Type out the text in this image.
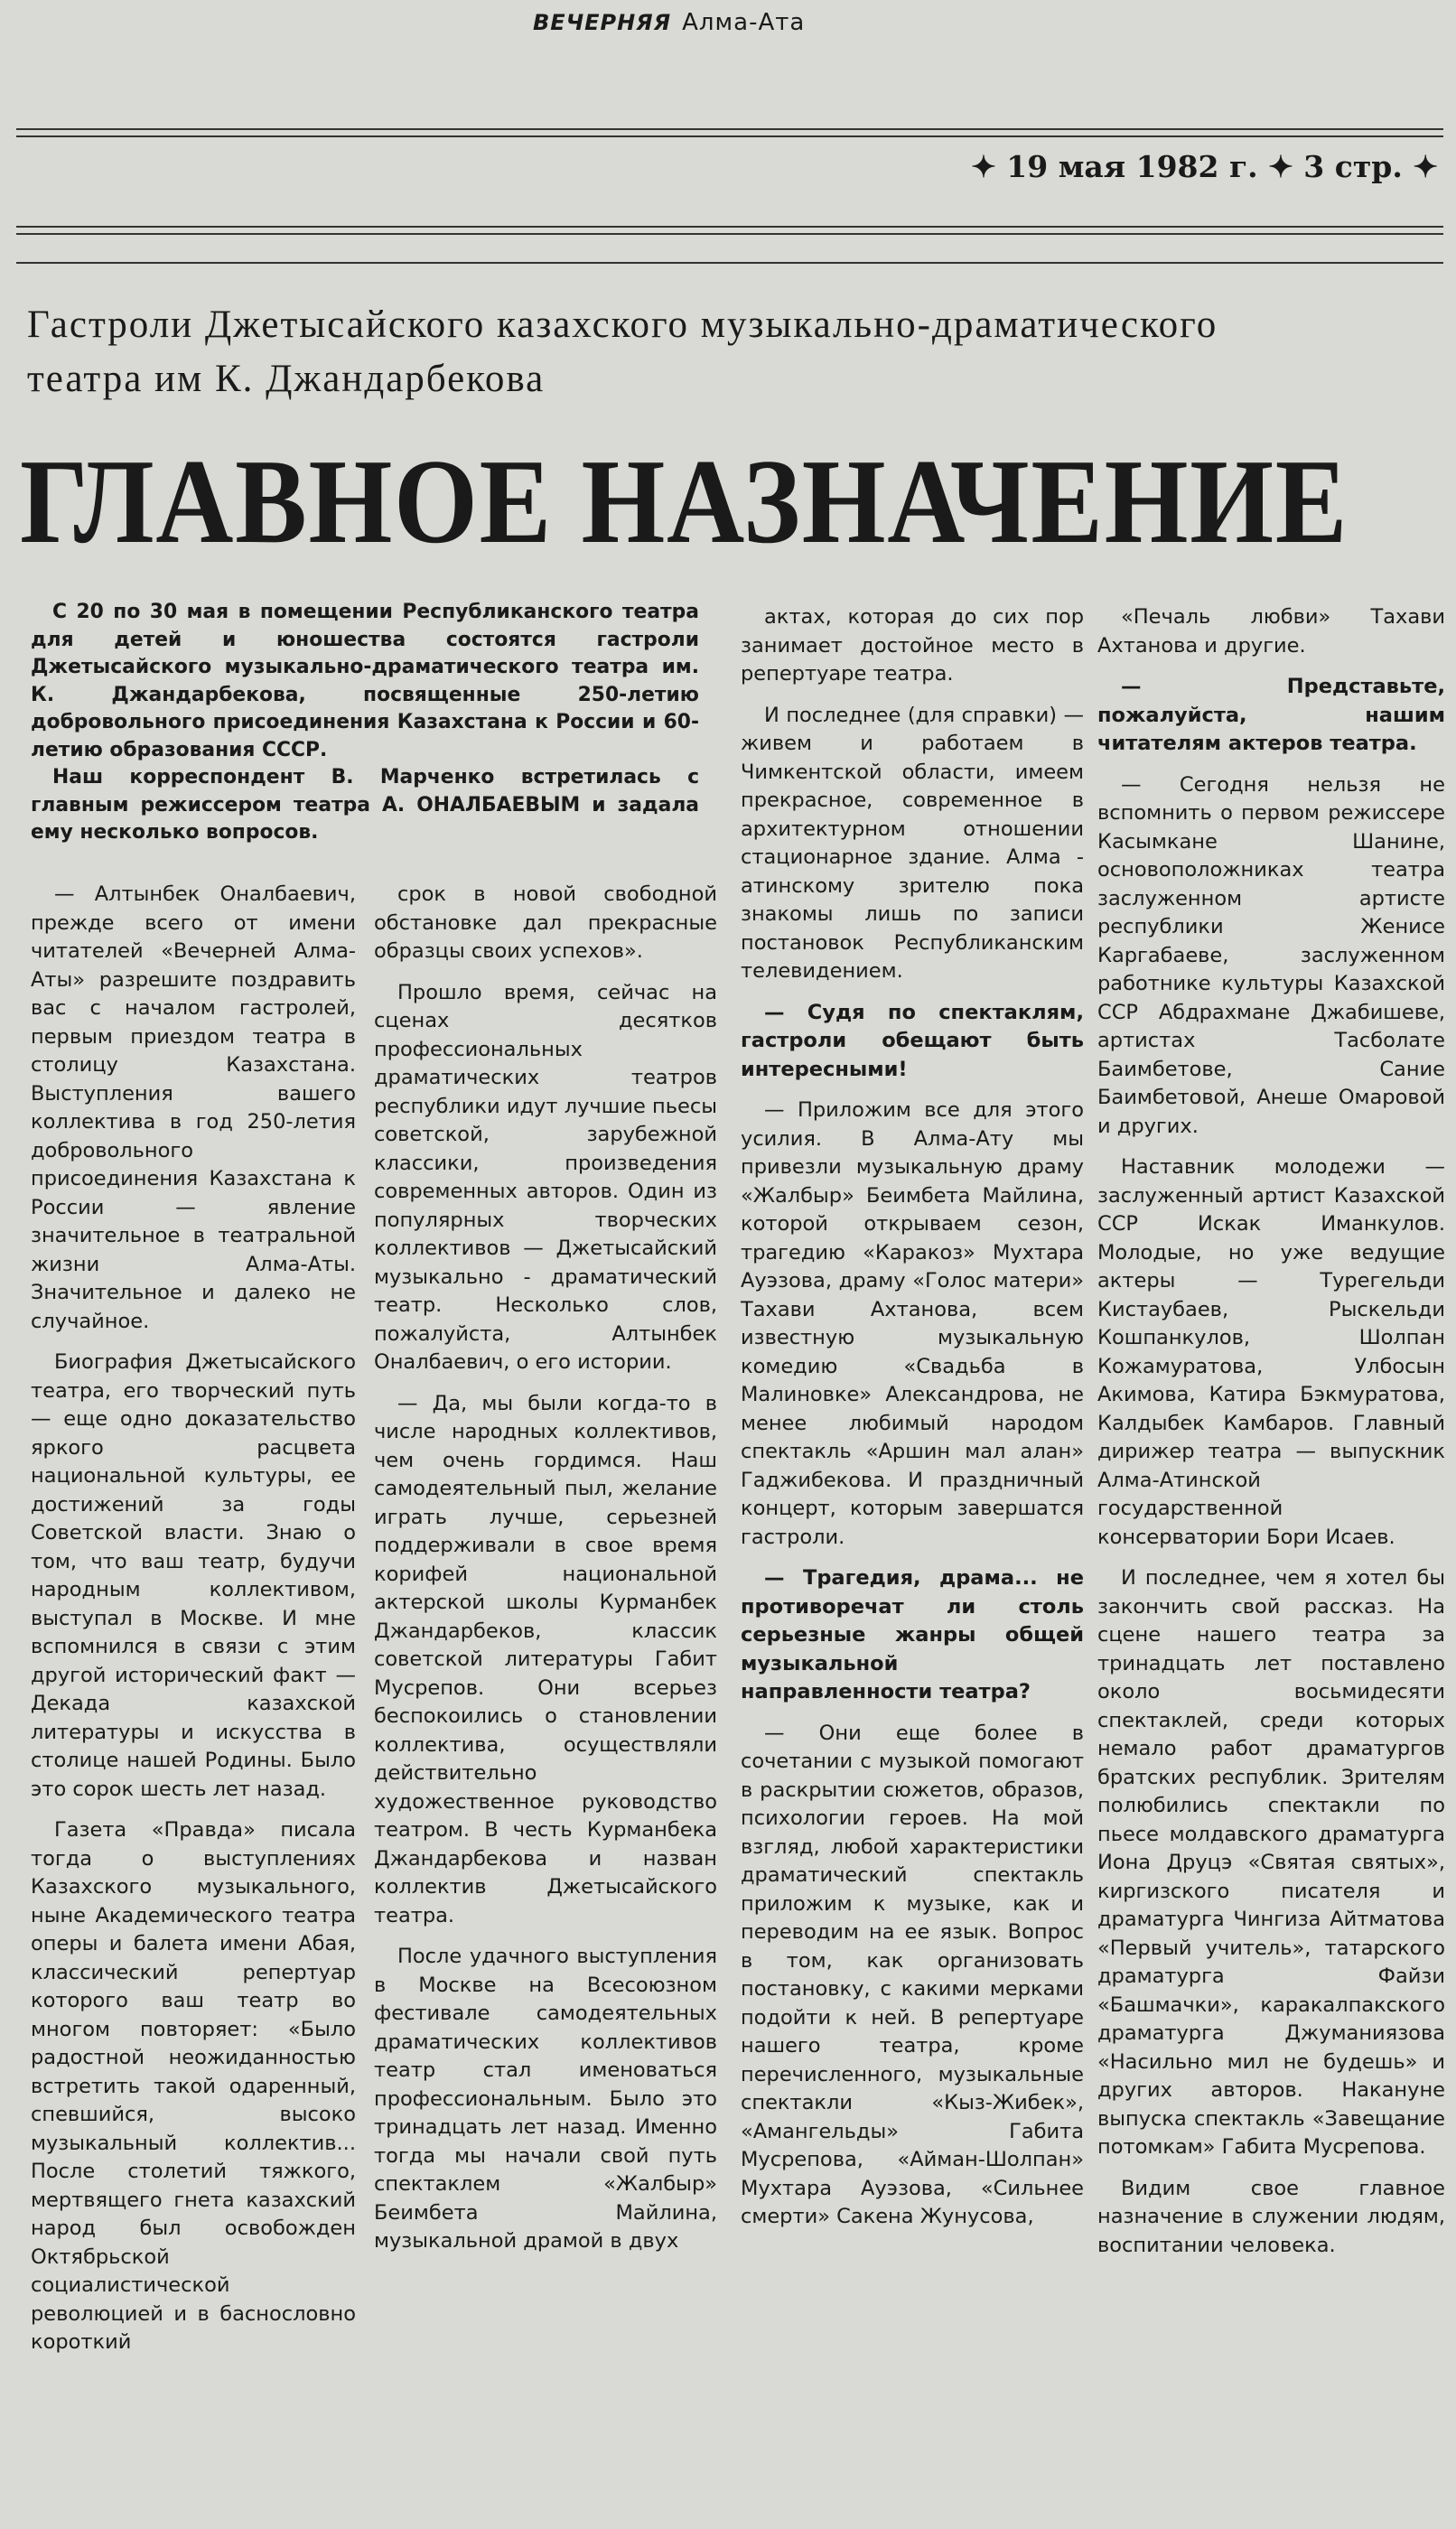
ВЕЧЕРНЯЯ Алма-Ата
✦ 19 мая 1982 г. ✦ 3 стр. ✦
Гастроли Джетысайского казахского музыкально-драматического театра им К. Джандарбекова
ГЛАВНОЕ НАЗНАЧЕНИЕ

С 20 по 30 мая в помещении Республиканского театра для детей и юношества состоятся гастроли Джетысайского музыкально-драматического театра им. К. Джандарбекова, посвященные 250-летию добровольного присоединения Казахстана к России и 60-летию образования СССР.

Наш корреспондент В. Марченко встретилась с главным режиссером театра А. ОНАЛБАЕВЫМ и задала ему несколько вопросов.

— Алтынбек Оналбаевич, прежде всего от имени читателей «Вечерней Алма-Аты» разрешите поздравить вас с началом гастролей, первым приездом театра в столицу Казахстана. Выступления вашего коллектива в год 250-летия добровольного присоединения Казахстана к России — явление значительное в театральной жизни Алма-Аты. Значительное и далеко не случайное.

Биография Джетысайского театра, его творческий путь — еще одно доказательство яркого расцвета национальной культуры, ее достижений за годы Советской власти. Знаю о том, что ваш театр, будучи народным коллективом, выступал в Москве. И мне вспомнился в связи с этим другой исторический факт — Декада казахской литературы и искусства в столице нашей Родины. Было это сорок шесть лет назад.

Газета «Правда» писала тогда о выступлениях Казахского музыкального, ныне Академического театра оперы и балета имени Абая, классический репертуар которого ваш театр во многом повторяет: «Было радостной неожиданностью встретить такой одаренный, спевшийся, высоко музыкальный коллектив... После столетий тяжкого, мертвящего гнета казахский народ был освобожден Октябрьской социалистической революцией и в баснословно короткий

срок в новой свободной обстановке дал прекрасные образцы своих успехов».

Прошло время, сейчас на сценах десятков профессиональных драматических театров республики идут лучшие пьесы советской, зарубежной классики, произведения современных авторов. Один из популярных творческих коллективов — Джетысайский музыкально - драматический театр. Несколько слов, пожалуйста, Алтынбек Оналбаевич, о его истории.

— Да, мы были когда-то в числе народных коллективов, чем очень гордимся. Наш самодеятельный пыл, желание играть лучше, серьезней поддерживали в свое время корифей национальной актерской школы Курманбек Джандарбеков, классик советской литературы Габит Мусрепов. Они всерьез беспокоились о становлении коллектива, осуществляли действительно художественное руководство театром. В честь Курманбека Джандарбекова и назван коллектив Джетысайского театра.

После удачного выступления в Москве на Всесоюзном фестивале самодеятельных драматических коллективов театр стал именоваться профессиональным. Было это тринадцать лет назад. Именно тогда мы начали свой путь спектаклем «Жалбыр» Беимбета Майлина, музыкальной драмой в двух

актах, которая до сих пор занимает достойное место в репертуаре театра.

И последнее (для справки) — живем и работаем в Чимкентской области, имеем прекрасное, современное в архитектурном отношении стационарное здание. Алма - атинскому зрителю пока знакомы лишь по записи постановок Республиканским телевидением.

— Судя по спектаклям, гастроли обещают быть интересными!

— Приложим все для этого усилия. В Алма-Ату мы привезли музыкальную драму «Жалбыр» Беимбета Майлина, которой открываем сезон, трагедию «Каракоз» Мухтара Ауэзова, драму «Голос матери» Тахави Ахтанова, всем известную музыкальную комедию «Свадьба в Малиновке» Александрова, не менее любимый народом спектакль «Аршин мал алан» Гаджибекова. И праздничный концерт, которым завершатся гастроли.

— Трагедия, драма... не противоречат ли столь серьезные жанры общей музыкальной направленности театра?

— Они еще более в сочетании с музыкой помогают в раскрытии сюжетов, образов, психологии героев. На мой взгляд, любой характеристики драматический спектакль приложим к музыке, как и переводим на ее язык. Вопрос в том, как организовать постановку, с какими мерками подойти к ней. В репертуаре нашего театра, кроме перечисленного, музыкальные спектакли «Кыз-Жибек», «Амангельды» Габита Мусрепова, «Айман-Шолпан» Мухтара Ауэзова, «Сильнее смерти» Сакена Жунусова,

«Печаль любви» Тахави Ахтанова и другие.

— Представьте, пожалуйста, нашим читателям актеров театра.

— Сегодня нельзя не вспомнить о первом режиссере Касымкане Шанине, основоположниках театра заслуженном артисте республики Женисе Каргабаеве, заслуженном работнике культуры Казахской ССР Абдрахмане Джабишеве, артистах Тасболате Баимбетове, Сание Баимбетовой, Анеше Омаровой и других.

Наставник молодежи — заслуженный артист Казахской ССР Искак Иманкулов. Молодые, но уже ведущие актеры — Турегельди Кистаубаев, Рыскельди Кошпанкулов, Шолпан Кожамуратова, Улбосын Акимова, Катира Бэкмуратова, Калдыбек Камбаров. Главный дирижер театра — выпускник Алма-Атинской государственной консерватории Бори Исаев.

И последнее, чем я хотел бы закончить свой рассказ. На сцене нашего театра за тринадцать лет поставлено около восьмидесяти спектаклей, среди которых немало работ драматургов братских республик. Зрителям полюбились спектакли по пьесе молдавского драматурга Иона Друцэ «Святая святых», киргизского писателя и драматурга Чингиза Айтматова «Первый учитель», татарского драматурга Файзи «Башмачки», каракалпакского драматурга Джуманиязова «Насильно мил не будешь» и других авторов. Накануне выпуска спектакль «Завещание потомкам» Габита Мусрепова.

Видим свое главное назначение в служении людям, воспитании человека.
